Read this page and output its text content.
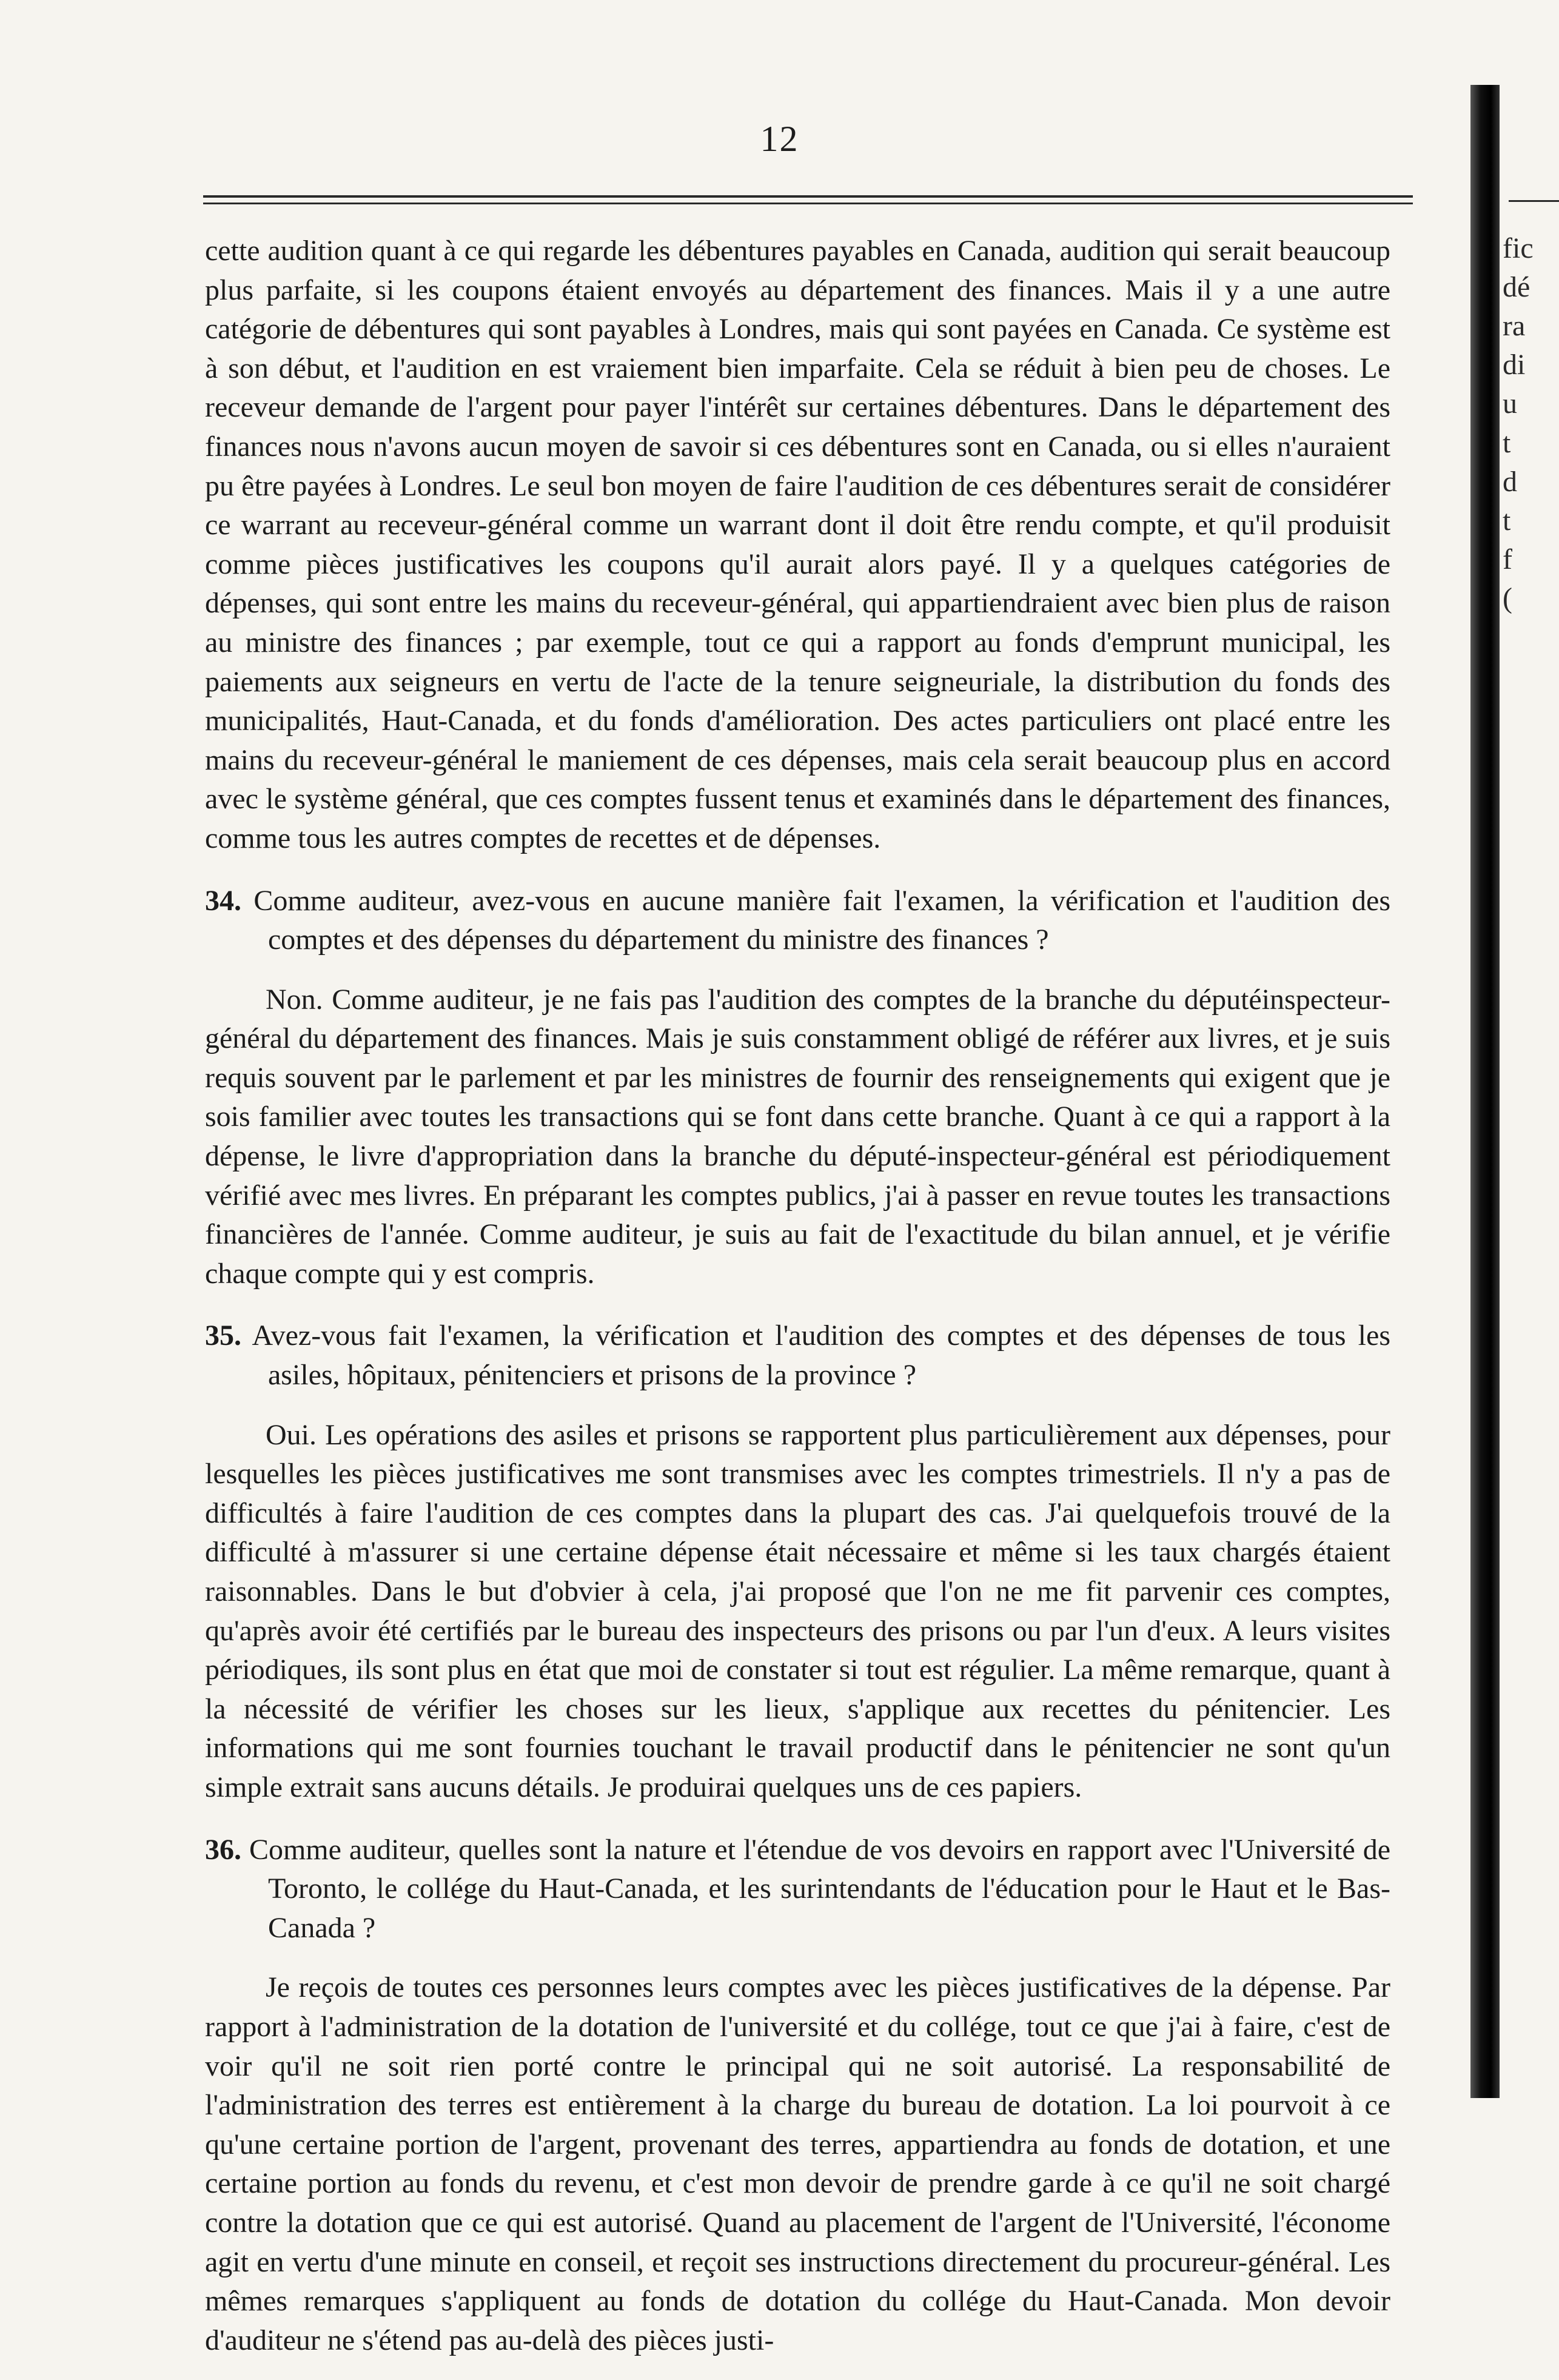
12

cette audition quant à ce qui regarde les débentures payables en Canada, audition qui serait beaucoup plus parfaite, si les coupons étaient envoyés au département des finances. Mais il y a une autre catégorie de débentures qui sont payables à Londres, mais qui sont payées en Canada. Ce système est à son début, et l'audition en est vraiement bien imparfaite. Cela se réduit à bien peu de choses. Le receveur demande de l'argent pour payer l'intérêt sur certaines débentures. Dans le département des finances nous n'avons aucun moyen de savoir si ces débentures sont en Canada, ou si elles n'auraient pu être payées à Londres. Le seul bon moyen de faire l'audition de ces débentures serait de considérer ce warrant au receveur-général comme un warrant dont il doit être rendu compte, et qu'il produisit comme pièces justificatives les coupons qu'il aurait alors payé. Il y a quelques catégories de dépenses, qui sont entre les mains du receveur-général, qui appartiendraient avec bien plus de raison au ministre des finances ; par exemple, tout ce qui a rapport au fonds d'emprunt municipal, les paiements aux seigneurs en vertu de l'acte de la tenure seigneuriale, la distribution du fonds des municipalités, Haut-Canada, et du fonds d'amélioration. Des actes particuliers ont placé entre les mains du receveur-général le maniement de ces dépenses, mais cela serait beaucoup plus en accord avec le système général, que ces comptes fussent tenus et examinés dans le département des finances, comme tous les autres comptes de recettes et de dépenses.

34. Comme auditeur, avez-vous en aucune manière fait l'examen, la vérification et l'audition des comptes et des dépenses du département du ministre des finances ?

Non. Comme auditeur, je ne fais pas l'audition des comptes de la branche du députéinspecteur-général du département des finances. Mais je suis constamment obligé de référer aux livres, et je suis requis souvent par le parlement et par les ministres de fournir des renseignements qui exigent que je sois familier avec toutes les transactions qui se font dans cette branche. Quant à ce qui a rapport à la dépense, le livre d'appropriation dans la branche du député-inspecteur-général est périodiquement vérifié avec mes livres. En préparant les comptes publics, j'ai à passer en revue toutes les transactions financières de l'année. Comme auditeur, je suis au fait de l'exactitude du bilan annuel, et je vérifie chaque compte qui y est compris.

35. Avez-vous fait l'examen, la vérification et l'audition des comptes et des dépenses de tous les asiles, hôpitaux, pénitenciers et prisons de la province ?

Oui. Les opérations des asiles et prisons se rapportent plus particulièrement aux dépenses, pour lesquelles les pièces justificatives me sont transmises avec les comptes trimestriels. Il n'y a pas de difficultés à faire l'audition de ces comptes dans la plupart des cas. J'ai quelquefois trouvé de la difficulté à m'assurer si une certaine dépense était nécessaire et même si les taux chargés étaient raisonnables. Dans le but d'obvier à cela, j'ai proposé que l'on ne me fit parvenir ces comptes, qu'après avoir été certifiés par le bureau des inspecteurs des prisons ou par l'un d'eux. A leurs visites périodiques, ils sont plus en état que moi de constater si tout est régulier. La même remarque, quant à la nécessité de vérifier les choses sur les lieux, s'applique aux recettes du pénitencier. Les informations qui me sont fournies touchant le travail productif dans le pénitencier ne sont qu'un simple extrait sans aucuns détails. Je produirai quelques uns de ces papiers.

36. Comme auditeur, quelles sont la nature et l'étendue de vos devoirs en rapport avec l'Université de Toronto, le collége du Haut-Canada, et les surintendants de l'éducation pour le Haut et le Bas-Canada ?

Je reçois de toutes ces personnes leurs comptes avec les pièces justificatives de la dépense. Par rapport à l'administration de la dotation de l'université et du collége, tout ce que j'ai à faire, c'est de voir qu'il ne soit rien porté contre le principal qui ne soit autorisé. La responsabilité de l'administration des terres est entièrement à la charge du bureau de dotation. La loi pourvoit à ce qu'une certaine portion de l'argent, provenant des terres, appartiendra au fonds de dotation, et une certaine portion au fonds du revenu, et c'est mon devoir de prendre garde à ce qu'il ne soit chargé contre la dotation que ce qui est autorisé. Quand au placement de l'argent de l'Université, l'économe agit en vertu d'une minute en conseil, et reçoit ses instructions directement du procureur-général. Les mêmes remarques s'appliquent au fonds de dotation du collége du Haut-Canada. Mon devoir d'auditeur ne s'étend pas au-delà des pièces justi-

fic
dé
ra
di
u
t
d
t
f
(
